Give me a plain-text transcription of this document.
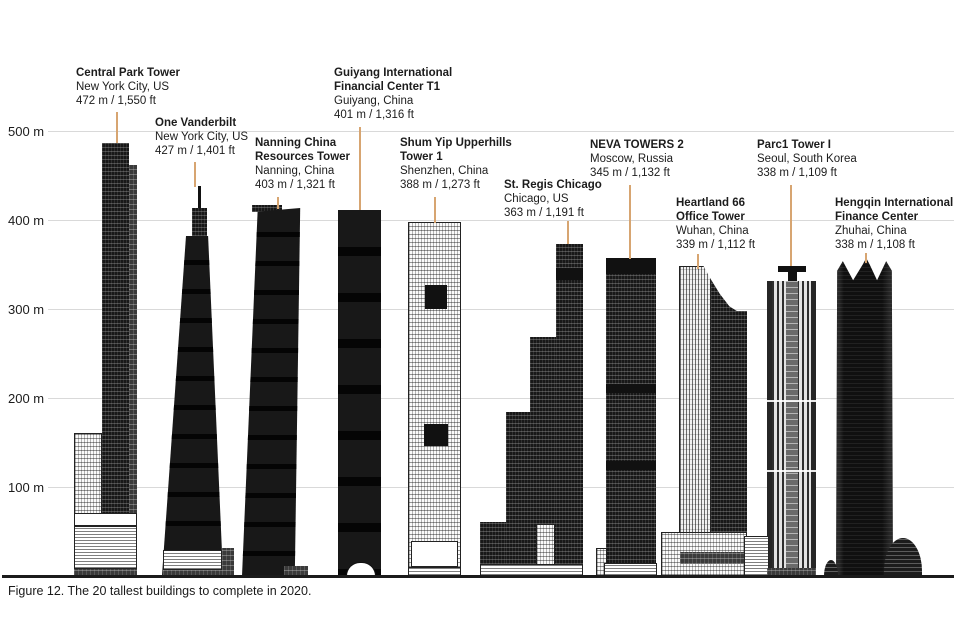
500 m
400 m
300 m
200 m
100 m
Central Park Tower
New York City, US
472 m / 1,550 ft
One Vanderbilt
New York City, US
427 m / 1,401 ft
Nanning China Resources Tower
Nanning, China
403 m / 1,321 ft
Guiyang International Financial Center T1
Guiyang, China
401 m / 1,316 ft
Shum Yip Upperhills Tower 1
Shenzhen, China
388 m / 1,273 ft	St. Regis Chicago
Chicago, US
363 m / 1,191 ft
NEVA TOWERS 2
Moscow, Russia
345 m / 1,132 ft
Heartland 66 Office Tower
Wuhan, China
339 m / 1,112 ft
Parc1 Tower I
Seoul, South Korea
338 m / 1,109 ft
Hengqin International Finance Center
Zhuhai, China
338 m / 1,108 ft
Figure 12. The 20 tallest buildings to complete in 2020.
